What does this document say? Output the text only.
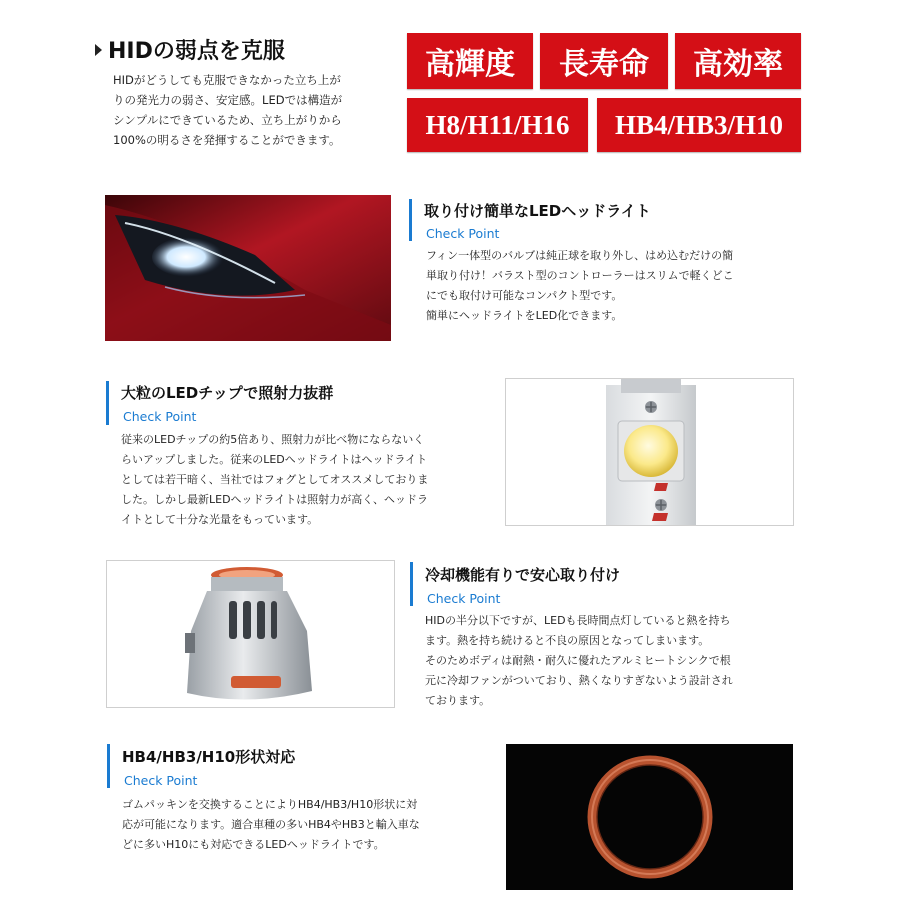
HIDの弱点を克服
HIDがどうしても克服できなかった立ち上が
りの発光力の弱さ、安定感。LEDでは構造が
シンプルにできているため、立ち上がりから
100%の明るさを発揮することができます。
高輝度	長寿命	高効率
H8/H11/H16	HB4/HB3/H10
取り付け簡単なLEDヘッドライト
Check Point
フィン一体型のバルブは純正球を取り外し、はめ込むだけの簡
単取り付け！バラスト型のコントローラーはスリムで軽くどこ
にでも取付け可能なコンパクト型です。
簡単にヘッドライトをLED化できます。
大粒のLEDチップで照射力抜群
Check Point
従来のLEDチップの約5倍あり、照射力が比べ物にならないく
らいアップしました。従来のLEDヘッドライトはヘッドライト
としては若干暗く、当社ではフォグとしてオススメしておりま
した。しかし最新LEDヘッドライトは照射力が高く、ヘッドラ
イトとして十分な光量をもっています。
冷却機能有りで安心取り付け
Check Point
HIDの半分以下ですが、LEDも長時間点灯していると熱を持ち
ます。熱を持ち続けると不良の原因となってしまいます。
そのためボディは耐熱・耐久に優れたアルミヒートシンクで根
元に冷却ファンがついており、熱くなりすぎないよう設計され
ております。
HB4/HB3/H10形状対応
Check Point
ゴムパッキンを交換することによりHB4/HB3/H10形状に対
応が可能になります。適合車種の多いHB4やHB3と輸入車な
どに多いH10にも対応できるLEDヘッドライトです。
